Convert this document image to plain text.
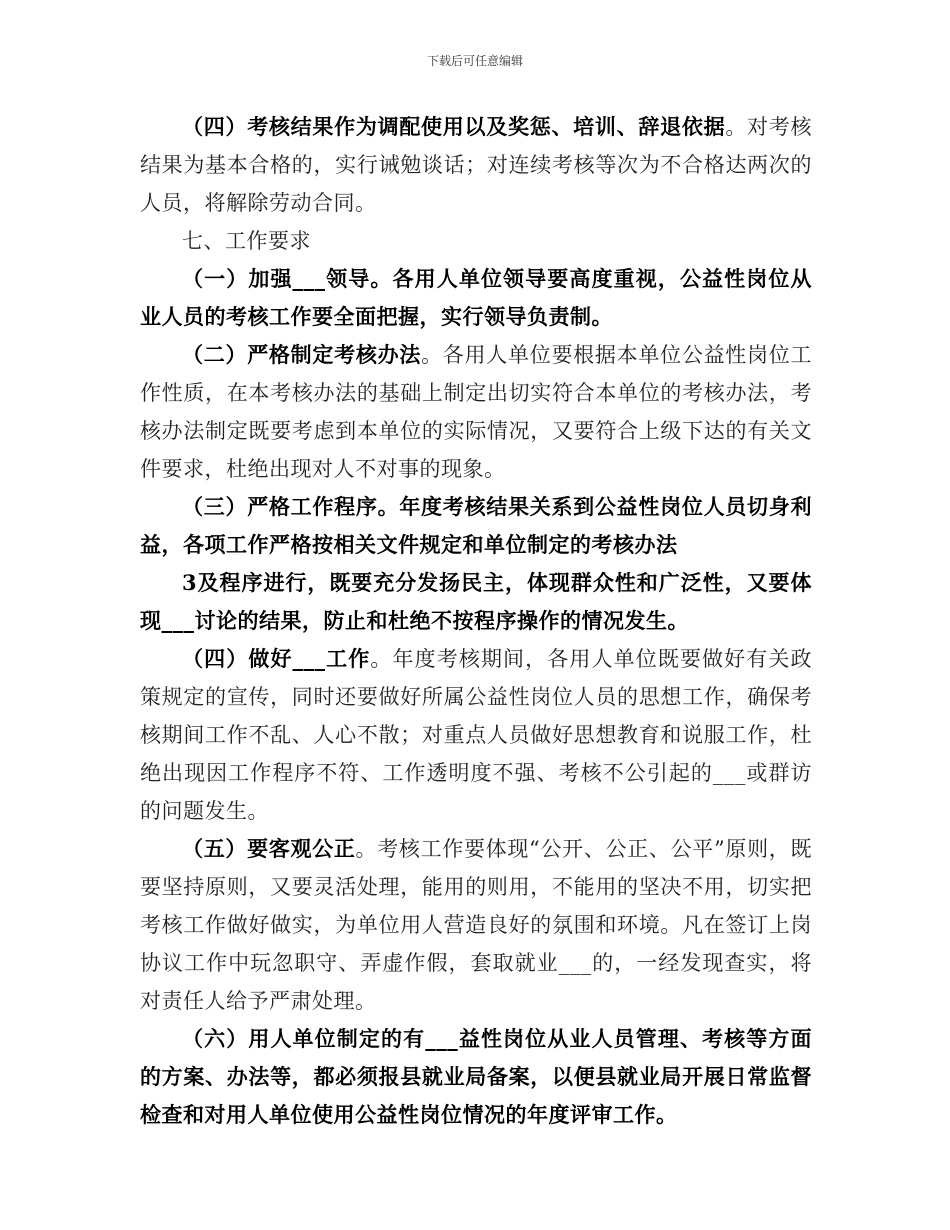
下载后可任意编辑

（四）考核结果作为调配使用以及奖惩、培训、辞退依据。对考核结果为基本合格的，实行诫勉谈话；对连续考核等次为不合格达两次的人员，将解除劳动合同。

七、工作要求

（一）加强___领导。各用人单位领导要高度重视，公益性岗位从业人员的考核工作要全面把握，实行领导负责制。

（二）严格制定考核办法。各用人单位要根据本单位公益性岗位工作性质，在本考核办法的基础上制定出切实符合本单位的考核办法，考核办法制定既要考虑到本单位的实际情况，又要符合上级下达的有关文件要求，杜绝出现对人不对事的现象。

（三）严格工作程序。年度考核结果关系到公益性岗位人员切身利益，各项工作严格按相关文件规定和单位制定的考核办法

3及程序进行，既要充分发扬民主，体现群众性和广泛性，又要体现___讨论的结果，防止和杜绝不按程序操作的情况发生。

（四）做好___工作。年度考核期间，各用人单位既要做好有关政策规定的宣传，同时还要做好所属公益性岗位人员的思想工作，确保考核期间工作不乱、人心不散；对重点人员做好思想教育和说服工作，杜绝出现因工作程序不符、工作透明度不强、考核不公引起的___或群访的问题发生。

（五）要客观公正。考核工作要体现“公开、公正、公平”原则，既要坚持原则，又要灵活处理，能用的则用，不能用的坚决不用，切实把考核工作做好做实，为单位用人营造良好的氛围和环境。凡在签订上岗协议工作中玩忽职守、弄虚作假，套取就业___的，一经发现查实，将对责任人给予严肃处理。

（六）用人单位制定的有___益性岗位从业人员管理、考核等方面的方案、办法等，都必须报县就业局备案，以便县就业局开展日常监督检查和对用人单位使用公益性岗位情况的年度评审工作。
